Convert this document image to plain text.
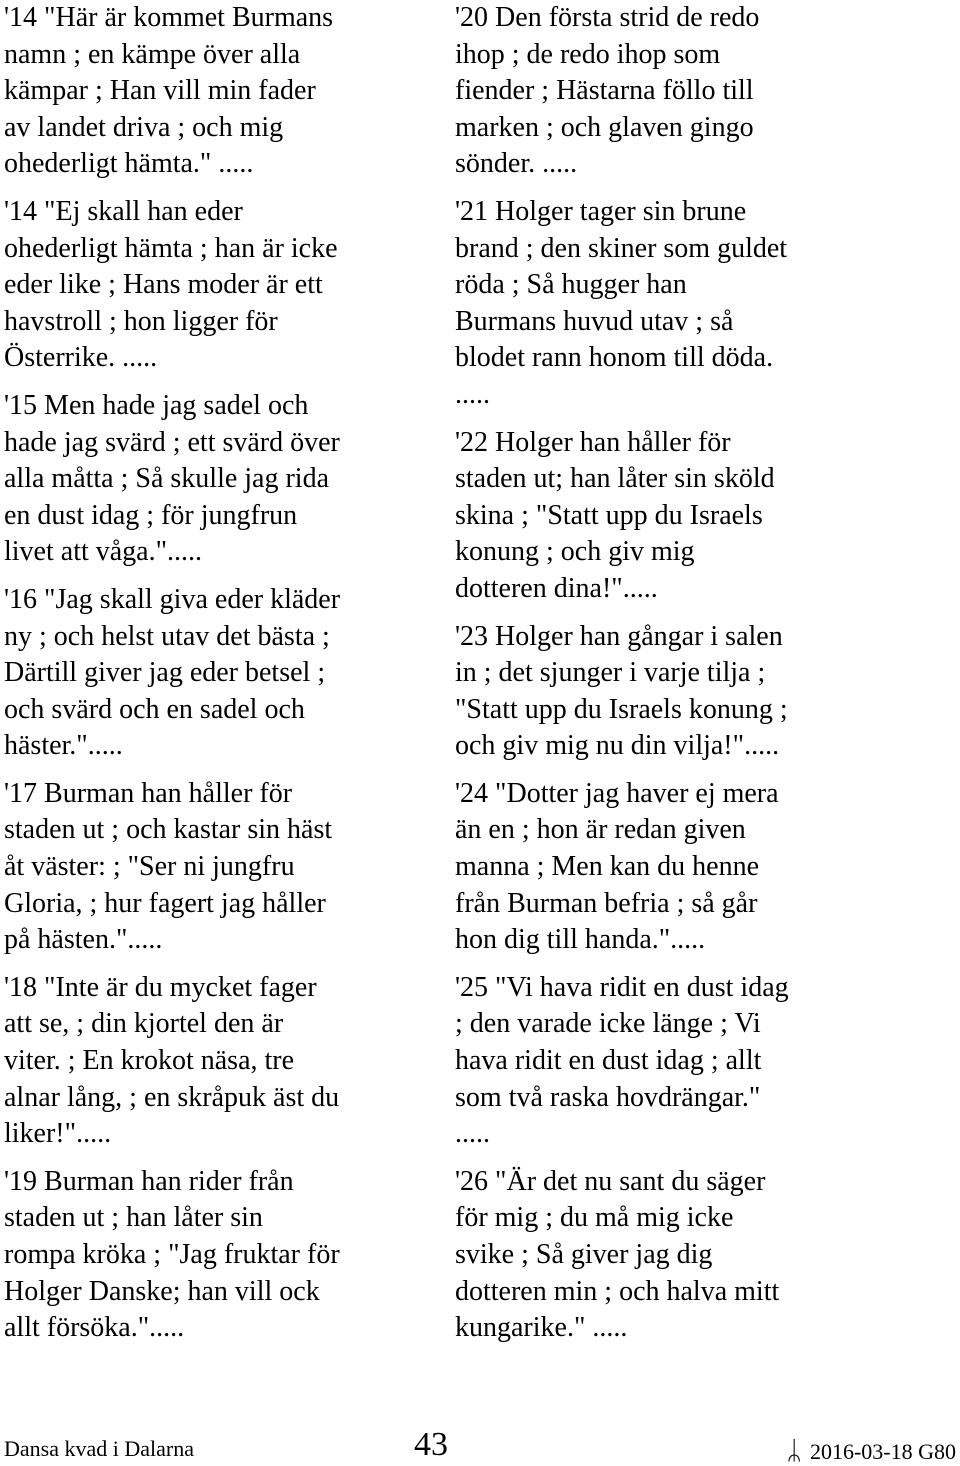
'14 "Här är kommet Burmans
namn ; en kämpe över alla
kämpar ; Han vill min fader
av landet driva ; och mig
ohederligt hämta." .....
'14 "Ej skall han eder
ohederligt hämta ; han är icke
eder like ; Hans moder är ett
havstroll ; hon ligger för
Österrike. .....
'15 Men hade jag sadel och
hade jag svärd ; ett svärd över
alla måtta ; Så skulle jag rida
en dust idag ; för jungfrun
livet att våga.".....
'16 "Jag skall giva eder kläder
ny ; och helst utav det bästa ;
Därtill giver jag eder betsel ;
och svärd och en sadel och
häster.".....
'17 Burman han håller för
staden ut ; och kastar sin häst
åt väster: ; "Ser ni jungfru
Gloria, ; hur fagert jag håller
på hästen.".....
'18 "Inte är du mycket fager
att se, ; din kjortel den är
viter. ; En krokot näsa, tre
alnar lång, ; en skråpuk äst du
liker!".....
'19 Burman han rider från
staden ut ; han låter sin
rompa kröka ; "Jag fruktar för
Holger Danske; han vill ock
allt försöka.".....
'20 Den första strid de redo
ihop ; de redo ihop som
fiender ; Hästarna föllo till
marken ; och glaven gingo
sönder. .....
'21 Holger tager sin brune
brand ; den skiner som guldet
röda ; Så hugger han
Burmans huvud utav ; så
blodet rann honom till döda.
.....
'22 Holger han håller för
staden ut; han låter sin sköld
skina ; "Statt upp du Israels
konung ; och giv mig
dotteren dina!".....
'23 Holger han gångar i salen
in ; det sjunger i varje tilja ;
"Statt upp du Israels konung ;
och giv mig nu din vilja!".....
'24 "Dotter jag haver ej mera
än en ; hon är redan given
manna ; Men kan du henne
från Burman befria ; så går
hon dig till handa.".....
'25 "Vi hava ridit en dust idag
; den varade icke länge ; Vi
hava ridit en dust idag ; allt
som två raska hovdrängar."
.....
'26 "Är det nu sant du säger
för mig ; du må mig icke
svike ; Så giver jag dig
dotteren min ; och halva mitt
kungarike." .....
Dansa kvad i Dalarna	43	ᛦ 2016-03-18 G80
